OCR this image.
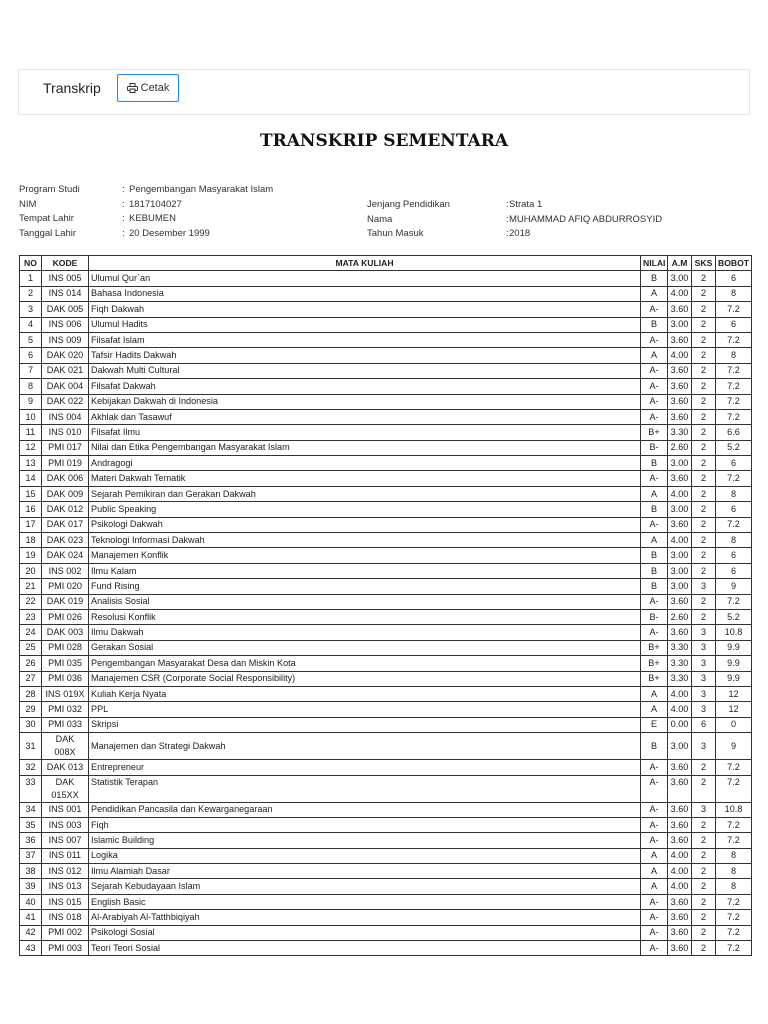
Transkrip	Cetak
TRANSKRIP SEMENTARA
Program Studi	: Pengembangan Masyarakat Islam
NIM	: 1817104027
Tempat Lahir	: KEBUMEN
Tanggal Lahir	: 20 Desember 1999
Jenjang Pendidikan	: Strata 1
Nama	: MUHAMMAD AFIQ ABDURROSYID
Tahun Masuk	: 2018
NO	KODE	MATA KULIAH	NILAI	A.M	SKS	BOBOT
1	INS 005	Ulumul Qur`an	B	3.00	2	6
2	INS 014	Bahasa Indonesia	A	4.00	2	8
3	DAK 005	Fiqh Dakwah	A-	3.60	2	7.2
4	INS 006	Ulumul Hadits	B	3.00	2	6
5	INS 009	Filsafat Islam	A-	3.60	2	7.2
6	DAK 020	Tafsir Hadits Dakwah	A	4.00	2	8
7	DAK 021	Dakwah Multi Cultural	A-	3.60	2	7.2
8	DAK 004	Filsafat Dakwah	A-	3.60	2	7.2
9	DAK 022	Kebijakan Dakwah di Indonesia	A-	3.60	2	7.2
10	INS 004	Akhlak dan Tasawuf	A-	3.60	2	7.2
11	INS 010	Filsafat Ilmu	B+	3.30	2	6.6
12	PMI 017	Nilai dan Etika Pengembangan Masyarakat Islam	B-	2.60	2	5.2
13	PMI 019	Andragogi	B	3.00	2	6
14	DAK 006	Materi Dakwah Tematik	A-	3.60	2	7.2
15	DAK 009	Sejarah Pemikiran dan Gerakan Dakwah	A	4.00	2	8
16	DAK 012	Public Speaking	B	3.00	2	6
17	DAK 017	Psikologi Dakwah	A-	3.60	2	7.2
18	DAK 023	Teknologi Informasi Dakwah	A	4.00	2	8
19	DAK 024	Manajemen Konflik	B	3.00	2	6
20	INS 002	Ilmu Kalam	B	3.00	2	6
21	PMI 020	Fund Rising	B	3.00	3	9
22	DAK 019	Analisis Sosial	A-	3.60	2	7.2
23	PMI 026	Resolusi Konflik	B-	2.60	2	5.2
24	DAK 003	Ilmu Dakwah	A-	3.60	3	10.8
25	PMI 028	Gerakan Sosial	B+	3.30	3	9.9
26	PMI 035	Pengembangan Masyarakat Desa dan Miskin Kota	B+	3.30	3	9.9
27	PMI 036	Manajemen CSR (Corporate Social Responsibility)	B+	3.30	3	9.9
28	INS 019X	Kuliah Kerja Nyata	A	4.00	3	12
29	PMI 032	PPL	A	4.00	3	12
30	PMI 033	Skripsi	E	0.00	6	0
31	DAK 008X	Manajemen dan Strategi Dakwah	B	3.00	3	9
32	DAK 013	Entrepreneur	A-	3.60	2	7.2
33	DAK 015XX	Statistik Terapan	A-	3.60	2	7.2
34	INS 001	Pendidikan Pancasila dan Kewarganegaraan	A-	3.60	3	10.8
35	INS 003	Fiqh	A-	3.60	2	7.2
36	INS 007	Islamic Building	A-	3.60	2	7.2
37	INS 011	Logika	A	4.00	2	8
38	INS 012	Ilmu Alamiah Dasar	A	4.00	2	8
39	INS 013	Sejarah Kebudayaan Islam	A	4.00	2	8
40	INS 015	English Basic	A-	3.60	2	7.2
41	INS 018	Al-Arabiyah Al-Tatthbiqiyah	A-	3.60	2	7.2
42	PMI 002	Psikologi Sosial	A-	3.60	2	7.2
43	PMI 003	Teori Teori Sosial	A-	3.60	2	7.2
